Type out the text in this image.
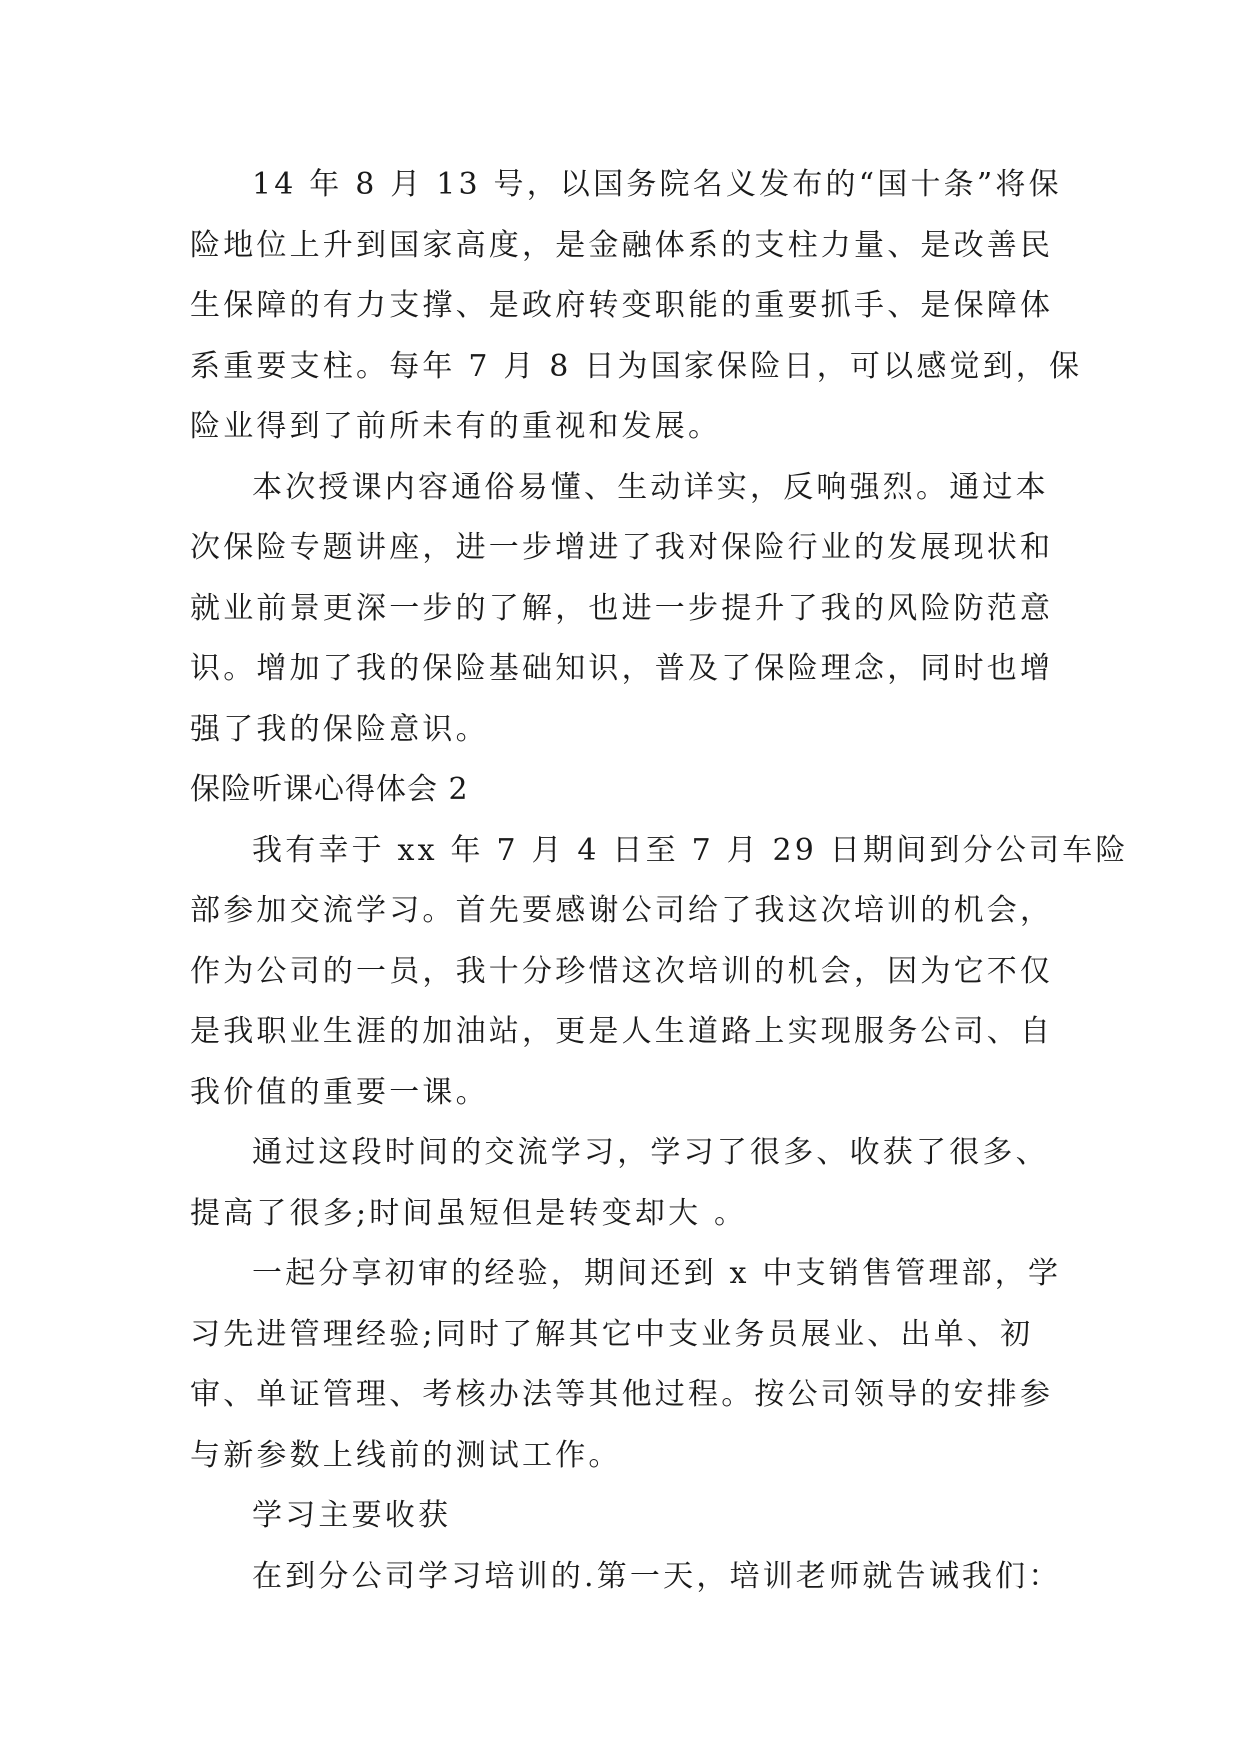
14 年 8 月 13 号，以国务院名义发布的“国十条”将保
险地位上升到国家高度，是金融体系的支柱力量、是改善民
生保障的有力支撑、是政府转变职能的重要抓手、是保障体
系重要支柱。每年 7 月 8 日为国家保险日，可以感觉到，保
险业得到了前所未有的重视和发展。
本次授课内容通俗易懂、生动详实，反响强烈。通过本
次保险专题讲座，进一步增进了我对保险行业的发展现状和
就业前景更深一步的了解，也进一步提升了我的风险防范意
识。增加了我的保险基础知识，普及了保险理念，同时也增
强了我的保险意识。
保险听课心得体会 2
我有幸于 xx 年 7 月 4 日至 7 月 29 日期间到分公司车险
部参加交流学习。首先要感谢公司给了我这次培训的机会，
作为公司的一员，我十分珍惜这次培训的机会，因为它不仅
是我职业生涯的加油站，更是人生道路上实现服务公司、自
我价值的重要一课。
通过这段时间的交流学习，学习了很多、收获了很多、
提高了很多;时间虽短但是转变却大 。
一起分享初审的经验，期间还到 x 中支销售管理部，学
习先进管理经验;同时了解其它中支业务员展业、出单、初
审、单证管理、考核办法等其他过程。按公司领导的安排参
与新参数上线前的测试工作。
学习主要收获
在到分公司学习培训的.第一天，培训老师就告诫我们：
